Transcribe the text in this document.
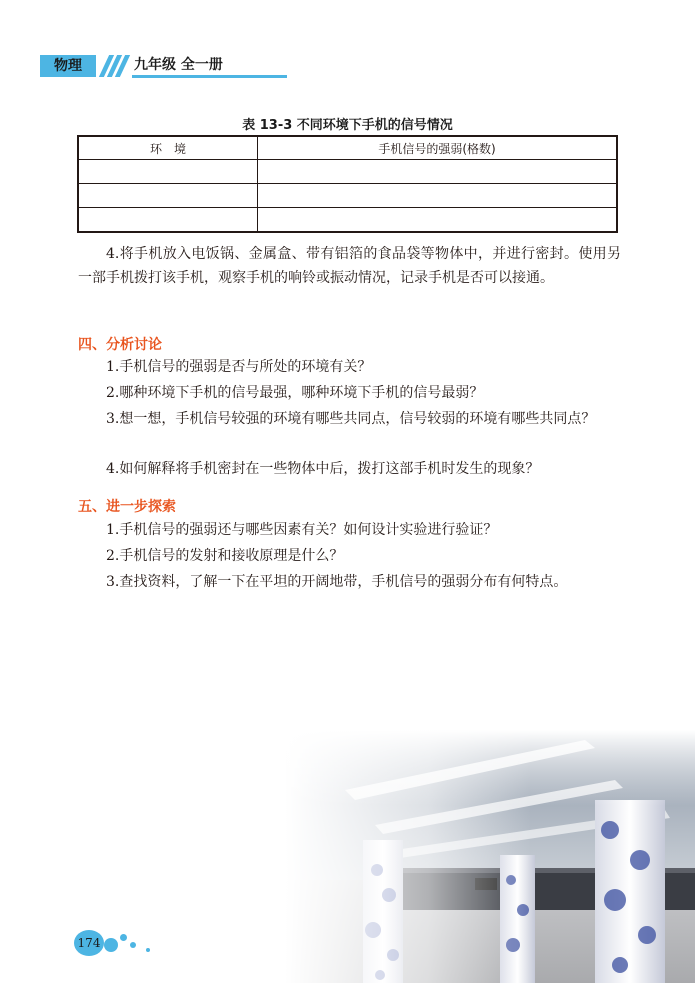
物理	九年级 全一册
表 13-3 不同环境下手机的信号情况
环　境	手机信号的强弱(格数)

4.将手机放入电饭锅、金属盒、带有铝箔的食品袋等物体中，并进行密封。使用另一部手机拨打该手机，观察手机的响铃或振动情况，记录手机是否可以接通。
四、分析讨论
1.手机信号的强弱是否与所处的环境有关？
2.哪种环境下手机的信号最强，哪种环境下手机的信号最弱？
3.想一想，手机信号较强的环境有哪些共同点，信号较弱的环境有哪些共同点？
4.如何解释将手机密封在一些物体中后，拨打这部手机时发生的现象？
五、进一步探索
1.手机信号的强弱还与哪些因素有关？如何设计实验进行验证？
2.手机信号的发射和接收原理是什么？
3.查找资料，了解一下在平坦的开阔地带，手机信号的强弱分布有何特点。
174
